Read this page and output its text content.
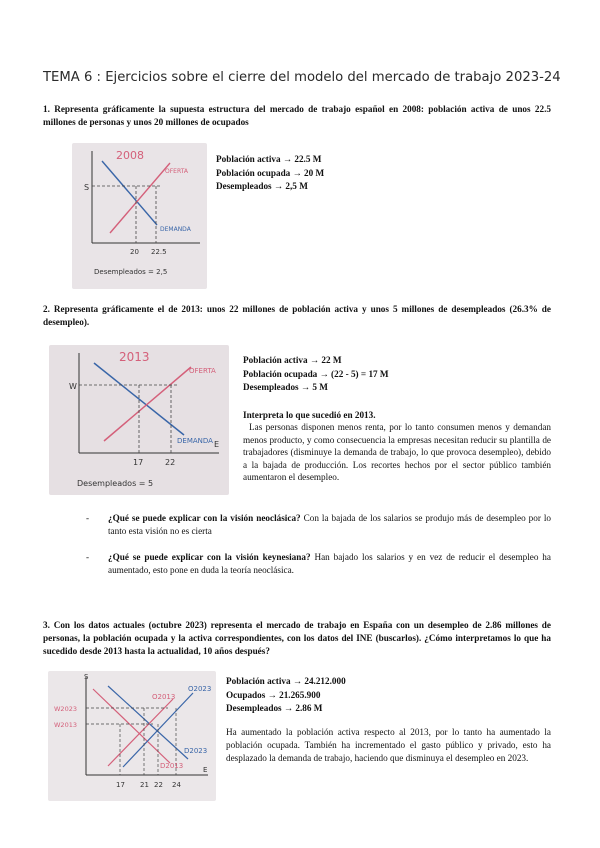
TEMA 6 : Ejercicios sobre el cierre del modelo del mercado de trabajo 2023-24
1. Representa gráficamente la supuesta estructura del mercado de trabajo español en 2008: población activa de unos 22.5 millones de personas y unos 20 millones de ocupados
S
2008
OFERTA
DEMANDA
20 22.5
Desempleados = 2,5
Población activa → 22.5 M
Población ocupada → 20 M
Desempleados → 2,5 M
2. Representa gráficamente el de 2013: unos 22 millones de población activa y unos 5 millones de desempleados (26.3% de desempleo).
W
2013
OFERTA
DEMANDA
17	22
E
Desempleados = 5
Población activa → 22 M
Población ocupada → (22 - 5) = 17 M
Desempleados → 5 M
Interpreta lo que sucedió en 2013.
Las personas disponen menos renta, por lo tanto consumen menos y demandan menos producto, y como consecuencia la empresas necesitan reducir su plantilla de trabajadores (disminuye la demanda de trabajo, lo que provoca desempleo), debido a la bajada de producción. Los recortes hechos por el sector público también aumentaron el desempleo.
- ¿Qué se puede explicar con la visión neoclásica? Con la bajada de los salarios se produjo más de desempleo por lo tanto esta visión no es cierta
- ¿Qué se puede explicar con la visión keynesiana? Han bajado los salarios y en vez de reducir el desempleo ha aumentado, esto pone en duda la teoría neoclásica.
3. Con los datos actuales (octubre 2023) representa el mercado de trabajo en España con un desempleo de 2.86 millones de personas, la población ocupada y la activa correspondientes, con los datos del INE (buscarlos). ¿Cómo interpretamos lo que ha sucedido desde 2013 hasta la actualidad, 10 años después?
O2013
O2023
D2023
D2013
W2023
W2013
S
E
17 21 22 24
Población activa → 24.212.000
Ocupados → 21.265.900
Desempleados → 2.86 M
Ha aumentado la población activa respecto al 2013, por lo tanto ha aumentado la población ocupada. También ha incrementado el gasto público y privado, esto ha desplazado la demanda de trabajo, haciendo que disminuya el desempleo en 2023.
